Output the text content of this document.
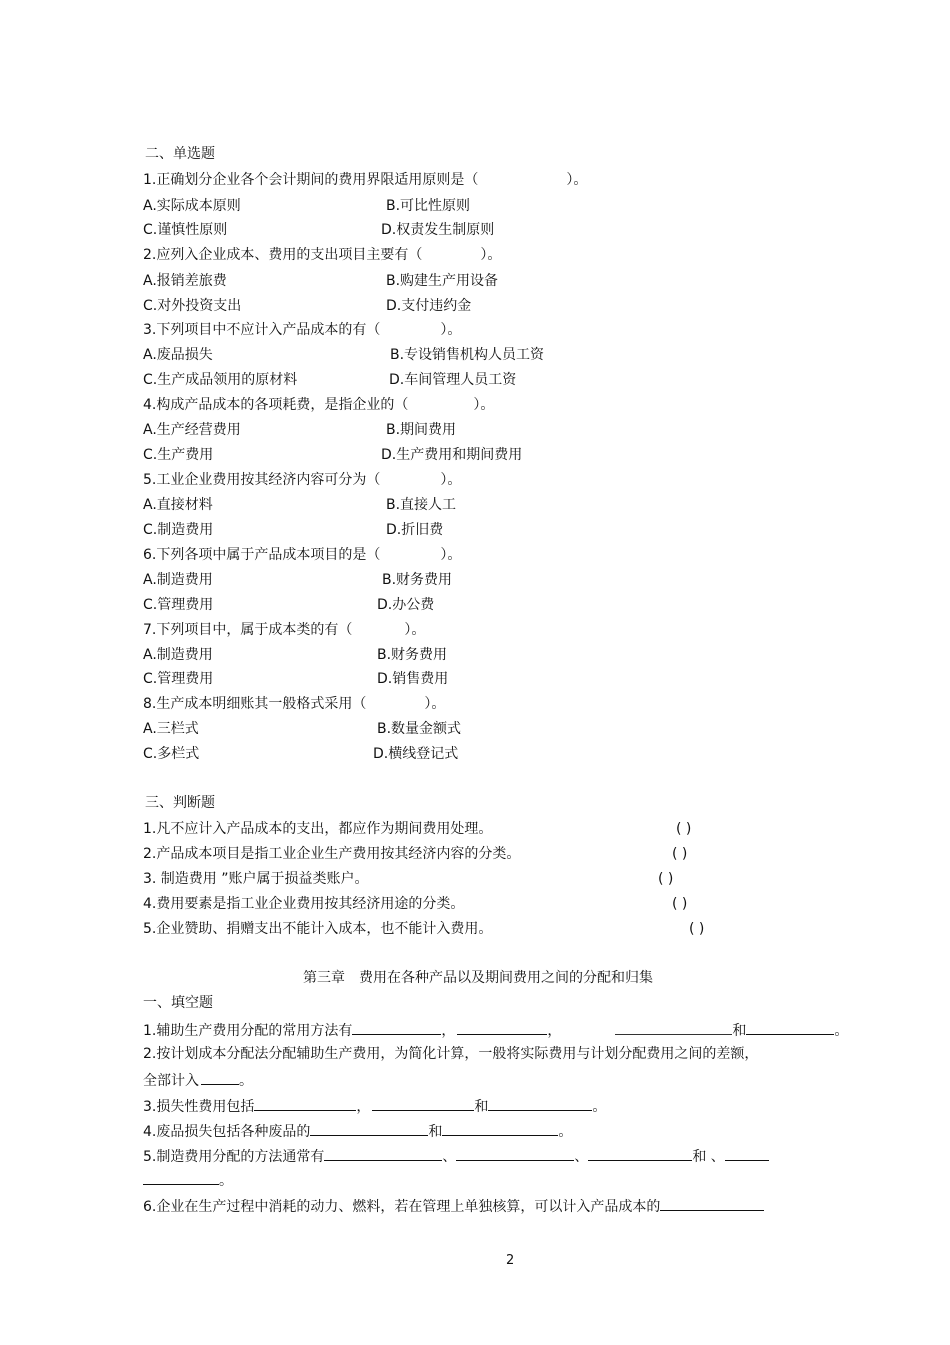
二、单选题
1.正确划分企业各个会计期间的费用界限适用原则是（	）。
A.实际成本原则	B.可比性原则
C.谨慎性原则	D.权责发生制原则
2.应列入企业成本、费用的支出项目主要有（	）。
A.报销差旅费	B.购建生产用设备
C.对外投资支出	D.支付违约金
3.下列项目中不应计入产品成本的有（	）。
A.废品损失	B.专设销售机构人员工资
C.生产成品领用的原材料	D.车间管理人员工资
4.构成产品成本的各项耗费，是指企业的（	）。
A.生产经营费用	B.期间费用
C.生产费用	D.生产费用和期间费用
5.工业企业费用按其经济内容可分为（	）。
A.直接材料	B.直接人工
C.制造费用	D.折旧费
6.下列各项中属于产品成本项目的是（	）。
A.制造费用	B.财务费用
C.管理费用	D.办公费
7.下列项目中，属于成本类的有（	）。
A.制造费用	B.财务费用
C.管理费用	D.销售费用
8.生产成本明细账其一般格式采用（	）。
A.三栏式	B.数量金额式
C.多栏式	D.横线登记式
三、判断题
1.凡不应计入产品成本的支出，都应作为期间费用处理。	( )
2.产品成本项目是指工业企业生产费用按其经济内容的分类。	( )
3. 制造费用 ”账户属于损益类账户。	( )
4.费用要素是指工业企业费用按其经济用途的分类。	( )
5.企业赞助、捐赠支出不能计入成本，也不能计入费用。	( )
第三章　费用在各种产品以及期间费用之间的分配和归集
一、填空题
1.辅助生产费用分配的常用方法有	，	，	和	。
2.按计划成本分配法分配辅助生产费用，为简化计算，一般将实际费用与计划分配费用之间的差额，
全部计入	。
3.损失性费用包括	，	和	。
4.废品损失包括各种废品的	和	。
5.制造费用分配的方法通常有	、	、	和 、
。
6.企业在生产过程中消耗的动力、燃料，若在管理上单独核算，可以计入产品成本的
2
